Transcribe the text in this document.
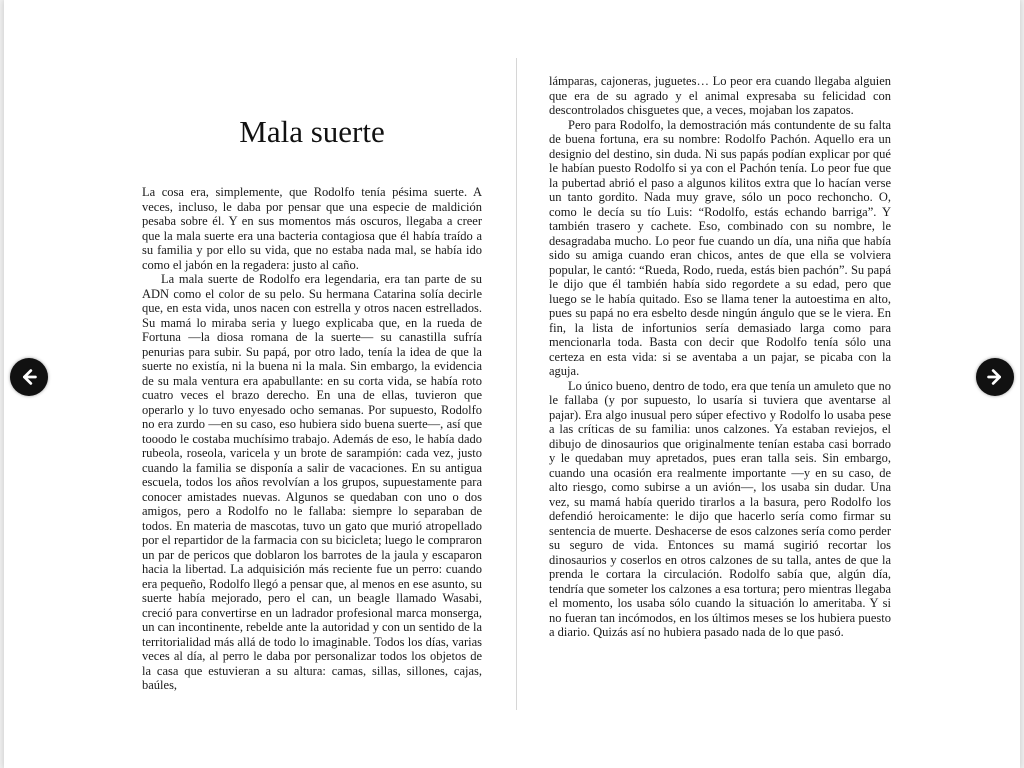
Mala suerte

La cosa era, simplemente, que Rodolfo tenía pésima suerte. A veces, incluso, le daba por pensar que una especie de maldición pesaba sobre él. Y en sus momentos más oscuros, llegaba a creer que la mala suerte era una bacteria contagiosa que él había traído a su familia y por ello su vida, que no estaba nada mal, se había ido como el jabón en la regadera: justo al caño.

La mala suerte de Rodolfo era legendaria, era tan parte de su ADN como el color de su pelo. Su hermana Catarina solía decirle que, en esta vida, unos nacen con estrella y otros nacen estrellados. Su mamá lo miraba seria y luego explicaba que, en la rueda de Fortuna —la diosa romana de la suerte— su canastilla sufría penurias para subir. Su papá, por otro lado, tenía la idea de que la suerte no existía, ni la buena ni la mala. Sin embargo, la evidencia de su mala ventura era apabullante: en su corta vida, se había roto cuatro veces el brazo derecho. En una de ellas, tuvieron que operarlo y lo tuvo enyesado ocho semanas. Por supuesto, Rodolfo no era zurdo —en su caso, eso hubiera sido buena suerte—, así que tooodo le costaba muchísimo trabajo. Además de eso, le había dado rubeola, roseola, varicela y un brote de sarampión: cada vez, justo cuando la familia se disponía a salir de vacaciones. En su antigua escuela, todos los años revolvían a los grupos, supuestamente para conocer amistades nuevas. Algunos se quedaban con uno o dos amigos, pero a Rodolfo no le fallaba: siempre lo separaban de todos. En materia de mascotas, tuvo un gato que murió atropellado por el repartidor de la farmacia con su bicicleta; luego le compraron un par de pericos que doblaron los barrotes de la jaula y escaparon hacia la libertad. La adquisición más reciente fue un perro: cuando era pequeño, Rodolfo llegó a pensar que, al menos en ese asunto, su suerte había mejorado, pero el can, un beagle llamado Wasabi, creció para convertirse en un ladrador profesional marca monserga, un can incontinente, rebelde ante la autoridad y con un sentido de la territorialidad más allá de todo lo imaginable. Todos los días, varias veces al día, al perro le daba por personalizar todos los objetos de la casa que estuvieran a su altura: camas, sillas, sillones, cajas, baúles,

lámparas, cajoneras, juguetes… Lo peor era cuando llegaba alguien que era de su agrado y el animal expresaba su felicidad con descontrolados chisguetes que, a veces, mojaban los zapatos.

Pero para Rodolfo, la demostración más contundente de su falta de buena fortuna, era su nombre: Rodolfo Pachón. Aquello era un designio del destino, sin duda. Ni sus papás podían explicar por qué le habían puesto Rodolfo si ya con el Pachón tenía. Lo peor fue que la pubertad abrió el paso a algunos kilitos extra que lo hacían verse un tanto gordito. Nada muy grave, sólo un poco rechoncho. O, como le decía su tío Luis: “Rodolfo, estás echando barriga”. Y también trasero y cachete. Eso, combinado con su nombre, le desagradaba mucho. Lo peor fue cuando un día, una niña que había sido su amiga cuando eran chicos, antes de que ella se volviera popular, le cantó: “Rueda, Rodo, rueda, estás bien pachón”. Su papá le dijo que él también había sido regordete a su edad, pero que luego se le había quitado. Eso se llama tener la autoestima en alto, pues su papá no era esbelto desde ningún ángulo que se le viera. En fin, la lista de infortunios sería demasiado larga como para mencionarla toda. Basta con decir que Rodolfo tenía sólo una certeza en esta vida: si se aventaba a un pajar, se picaba con la aguja.

Lo único bueno, dentro de todo, era que tenía un amuleto que no le fallaba (y por supuesto, lo usaría si tuviera que aventarse al pajar). Era algo inusual pero súper efectivo y Rodolfo lo usaba pese a las críticas de su familia: unos calzones. Ya estaban reviejos, el dibujo de dinosaurios que originalmente tenían estaba casi borrado y le quedaban muy apretados, pues eran talla seis. Sin embargo, cuando una ocasión era realmente importante —y en su caso, de alto riesgo, como subirse a un avión—, los usaba sin dudar. Una vez, su mamá había querido tirarlos a la basura, pero Rodolfo los defendió heroicamente: le dijo que hacerlo sería como firmar su sentencia de muerte. Deshacerse de esos calzones sería como perder su seguro de vida. Entonces su mamá sugirió recortar los dinosaurios y coserlos en otros calzones de su talla, antes de que la prenda le cortara la circulación. Rodolfo sabía que, algún día, tendría que someter los calzones a esa tortura; pero mientras llegaba el momento, los usaba sólo cuando la situación lo ameritaba. Y si no fueran tan incómodos, en los últimos meses se los hubiera puesto a diario. Quizás así no hubiera pasado nada de lo que pasó.
